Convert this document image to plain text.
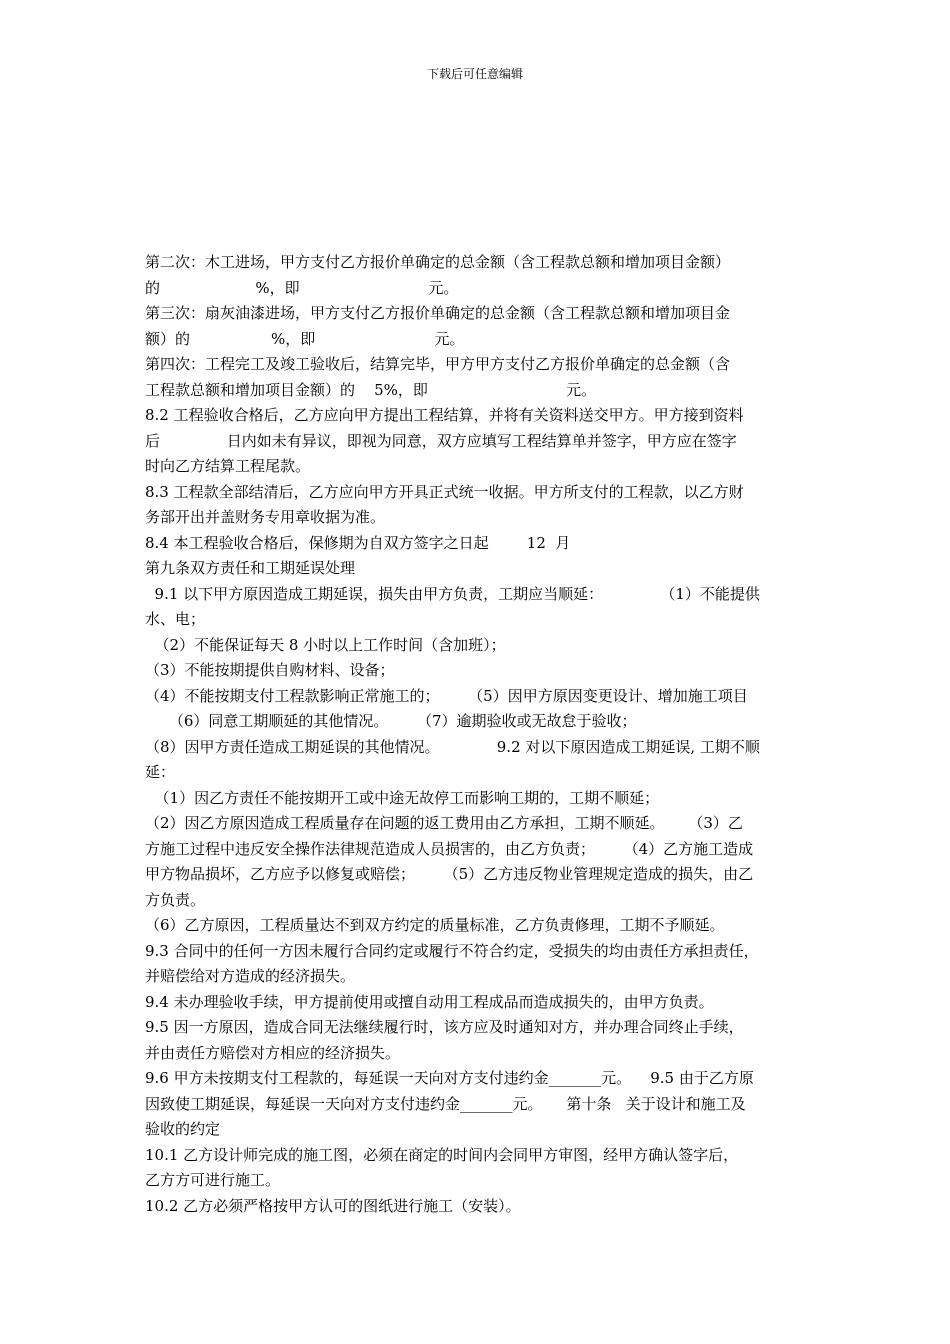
下载后可任意编辑
第二次：木工进场，甲方支付乙方报价单确定的总金额（含工程款总额和增加项目金额）
的                    %，即                           元。
第三次：扇灰油漆进场，甲方支付乙方报价单确定的总金额（含工程款总额和增加项目金
额）的                 %，即                         元。
第四次：工程完工及竣工验收后，结算完毕，甲方甲方支付乙方报价单确定的总金额（含
工程款总额和增加项目金额）的    5%，即                             元。
8.2 工程验收合格后，乙方应向甲方提出工程结算，并将有关资料送交甲方。甲方接到资料
后              日内如未有异议，即视为同意，双方应填写工程结算单并签字，甲方应在签字
时向乙方结算工程尾款。
8.3 工程款全部结清后，乙方应向甲方开具正式统一收据。甲方所支付的工程款，以乙方财
务部开出并盖财务专用章收据为准。
8.4 本工程验收合格后，保修期为自双方签字之日起        12  月
第九条双方责任和工期延误处理
9.1 以下甲方原因造成工期延误，损失由甲方负责，工期应当顺延：            （1）不能提供
水、电；
（2）不能保证每天 8 小时以上工作时间（含加班）；
（3）不能按期提供自购材料、设备；
（4）不能按期支付工程款影响正常施工的；      （5）因甲方原因变更设计、增加施工项目
（6）同意工期顺延的其他情况。      （7）逾期验收或无故怠于验收；
（8）因甲方责任造成工期延误的其他情况。            9.2 对以下原因造成工期延误, 工期不顺
延：
（1）因乙方责任不能按期开工或中途无故停工而影响工期的，工期不顺延；
（2）因乙方原因造成工程质量存在问题的返工费用由乙方承担，工期不顺延。     （3）乙
方施工过程中违反安全操作法律规范造成人员损害的，由乙方负责；      （4）乙方施工造成
甲方物品损坏，乙方应予以修复或赔偿；      （5）乙方违反物业管理规定造成的损失，由乙
方负责。
（6）乙方原因，工程质量达不到双方约定的质量标准，乙方负责修理，工期不予顺延。
9.3 合同中的任何一方因未履行合同约定或履行不符合约定，受损失的均由责任方承担责任，
并赔偿给对方造成的经济损失。
9.4 未办理验收手续，甲方提前使用或擅自动用工程成品而造成损失的，由甲方负责。
9.5 因一方原因，造成合同无法继续履行时，该方应及时通知对方，并办理合同终止手续，
并由责任方赔偿对方相应的经济损失。
9.6 甲方未按期支付工程款的，每延误一天向对方支付违约金_______元。    9.5 由于乙方原
因致使工期延误，每延误一天向对方支付违约金_______元。     第十条   关于设计和施工及
验收的约定
10.1 乙方设计师完成的施工图，必须在商定的时间内会同甲方审图，经甲方确认签字后，
乙方方可进行施工。
10.2 乙方必须严格按甲方认可的图纸进行施工（安装）。
